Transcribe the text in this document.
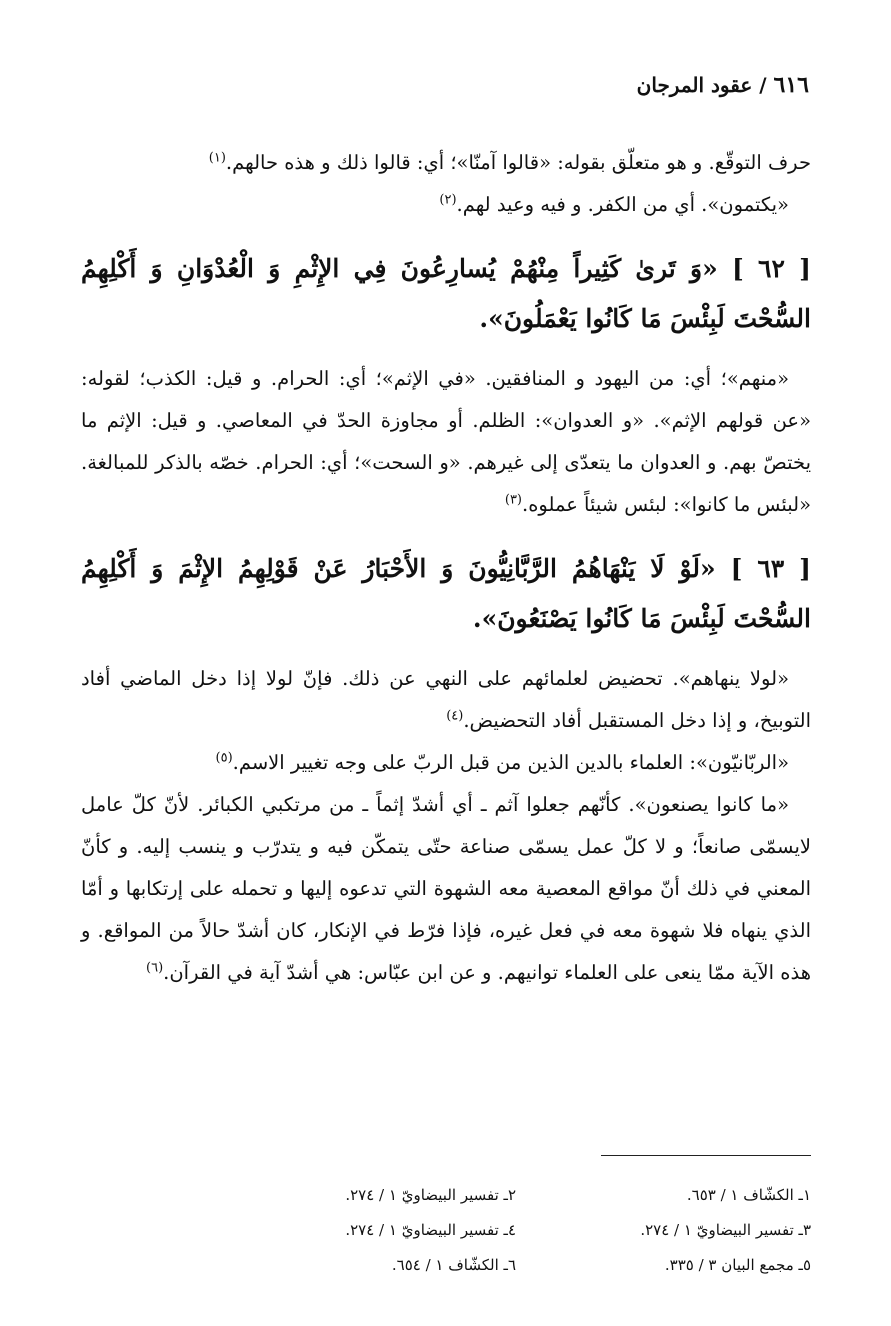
٦١٦ / عقود المرجان

حرف التوقّع. و هو متعلّق بقوله: «قالوا آمنّا»؛ أي: قالوا ذلك و هذه حالهم.$^{(١)}$

«يكتمون». أي من الكفر. و فيه وعيد لهم.$^{(٢)}$

[ ٦٢ ] «وَ تَرىٰ كَثِيراً مِنْهُمْ يُسارِعُونَ فِي الإِثْمِ وَ الْعُدْوَانِ وَ أَكْلِهِمُ السُّحْتَ لَبِئْسَ مَا كَانُوا يَعْمَلُونَ».

«منهم»؛ أي: من اليهود و المنافقين. «في الإثم»؛ أي: الحرام. و قيل: الكذب؛ لقوله: «عن قولهم الإثم». «و العدوان»: الظلم. أو مجاوزة الحدّ في المعاصي. و قيل: الإثم ما يختصّ بهم. و العدوان ما يتعدّى إلى غيرهم. «و السحت»؛ أي: الحرام. خصّه بالذكر للمبالغة. «لبئس ما كانوا»: لبئس شيئاً عملوه.$^{(٣)}$

[ ٦٣ ] «لَوْ لَا يَنْهَاهُمُ الرَّبَّانِيُّونَ وَ الأَحْبَارُ عَنْ قَوْلِهِمُ الإِثْمَ وَ أَكْلِهِمُ السُّحْتَ لَبِئْسَ مَا كَانُوا يَصْنَعُونَ».

«لولا ينهاهم». تحضيض لعلمائهم على النهي عن ذلك. فإنّ لولا إذا دخل الماضي أفاد التوبيخ، و إذا دخل المستقبل أفاد التحضيض.$^{(٤)}$

«الربّانيّون»: العلماء بالدين الذين من قبل الربّ على وجه تغيير الاسم.$^{(٥)}$

«ما كانوا يصنعون». كأنّهم جعلوا آثم ـ أي أشدّ إثماً ـ من مرتكبي الكبائر. لأنّ كلّ عامل لايسمّى صانعاً؛ و لا كلّ عمل يسمّى صناعة حتّى يتمكّن فيه و يتدرّب و ينسب إليه. و كأنّ المعني في ذلك أنّ مواقع المعصية معه الشهوة التي تدعوه إليها و تحمله على إرتكابها و أمّا الذي ينهاه فلا شهوة معه في فعل غيره، فإذا فرّط في الإنكار، كان أشدّ حالاً من المواقع. و هذه الآية ممّا ينعى على العلماء توانيهم. و عن ابن عبّاس: هي أشدّ آية في القرآن.$^{(٦)}$

١ـ الكشّاف ١ / ٦٥٣.
٢ـ تفسير البيضاويّ ١ / ٢٧٤.
٣ـ تفسير البيضاويّ ١ / ٢٧٤.
٤ـ تفسير البيضاويّ ١ / ٢٧٤.
٥ـ مجمع البيان ٣ / ٣٣٥.
٦ـ الكشّاف ١ / ٦٥٤.
